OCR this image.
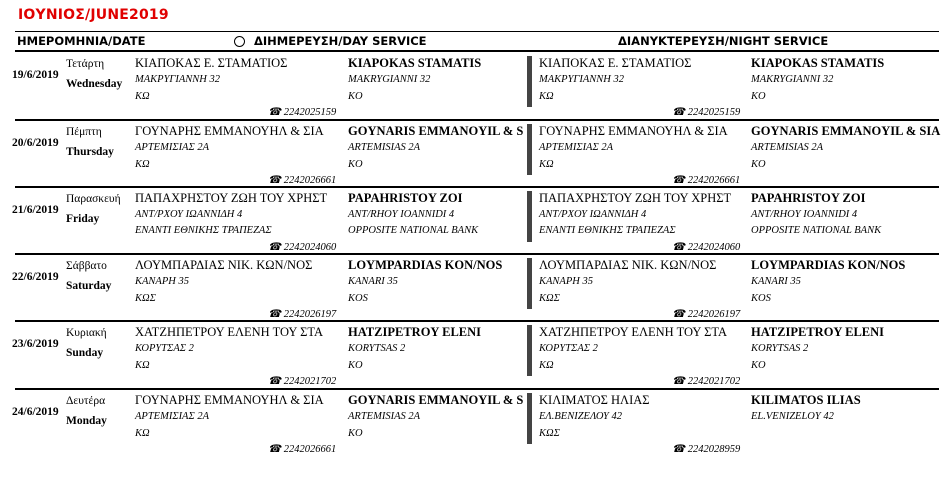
ΙΟΥΝΙΟΣ/JUNE2019
ΗΜΕΡΟΜΗΝΙΑ/DATE	ΔΙΗΜΕΡΕΥΣΗ/DAY SERVICE	ΔΙΑΝΥΚΤΕΡΕΥΣΗ/NIGHT SERVICE
19/6/2019
Τετάρτη
Wednesday
ΚΙΑΠΟΚΑΣ Ε. ΣΤΑΜΑΤΙΟΣ
ΜΑΚΡΥΓΙΑΝΝΗ 32
ΚΩ
KIAPOKAS STAMATIS
MAKRYGIANNI 32
KO
☎ 2242025159
ΚΙΑΠΟΚΑΣ Ε. ΣΤΑΜΑΤΙΟΣ
ΜΑΚΡΥΓΙΑΝΝΗ 32
ΚΩ
KIAPOKAS STAMATIS
MAKRYGIANNI 32
KO
☎ 2242025159
20/6/2019
Πέμπτη
Thursday
ΓΟΥΝΑΡΗΣ ΕΜΜΑΝΟΥΗΛ & ΣΙΑ
ΑΡΤΕΜΙΣΙΑΣ 2Α
ΚΩ
GOYNARIS EMMANOYIL & S
ARTEMISIAS 2A
KO
☎ 2242026661
ΓΟΥΝΑΡΗΣ ΕΜΜΑΝΟΥΗΛ & ΣΙΑ
ΑΡΤΕΜΙΣΙΑΣ 2Α
ΚΩ
GOYNARIS EMMANOYIL & SIA
ARTEMISIAS 2A
KO
☎ 2242026661
21/6/2019
Παρασκευή
Friday
ΠΑΠΑΧΡΗΣΤΟΥ ΖΩΗ ΤΟΥ ΧΡΗΣΤ
ΑΝΤ/ΡΧΟΥ ΙΩΑΝΝΙΔΗ 4
ΕΝΑΝΤΙ ΕΘΝΙΚΗΣ ΤΡΑΠΕΖΑΣ
PAPAHRISTOY ZOI
ANT/RHOY IOANNIDI 4
OPPOSITE NATIONAL BANK
☎ 2242024060
ΠΑΠΑΧΡΗΣΤΟΥ ΖΩΗ ΤΟΥ ΧΡΗΣΤ
ΑΝΤ/ΡΧΟΥ ΙΩΑΝΝΙΔΗ 4
ΕΝΑΝΤΙ ΕΘΝΙΚΗΣ ΤΡΑΠΕΖΑΣ
PAPAHRISTOY ZOI
ANT/RHOY IOANNIDI 4
OPPOSITE NATIONAL BANK
☎ 2242024060
22/6/2019
Σάββατο
Saturday
ΛΟΥΜΠΑΡΔΙΑΣ ΝΙΚ. ΚΩΝ/ΝΟΣ
ΚΑΝΑΡΗ 35
ΚΩΣ
LOYMPARDIAS KON/NOS
KANARI 35
KOS
☎ 2242026197
ΛΟΥΜΠΑΡΔΙΑΣ ΝΙΚ. ΚΩΝ/ΝΟΣ
ΚΑΝΑΡΗ 35
ΚΩΣ
LOYMPARDIAS KON/NOS
KANARI 35
KOS
☎ 2242026197
23/6/2019
Κυριακή
Sunday
ΧΑΤΖΗΠΕΤΡΟΥ ΕΛΕΝΗ ΤΟΥ ΣΤΑ
ΚΟΡΥΤΣΑΣ 2
ΚΩ
HATZIPETROY ELENI
KORYTSAS 2
KO
☎ 2242021702
ΧΑΤΖΗΠΕΤΡΟΥ ΕΛΕΝΗ ΤΟΥ ΣΤΑ
ΚΟΡΥΤΣΑΣ 2
ΚΩ
HATZIPETROY ELENI
KORYTSAS 2
KO
☎ 2242021702
24/6/2019
Δευτέρα
Monday
ΓΟΥΝΑΡΗΣ ΕΜΜΑΝΟΥΗΛ & ΣΙΑ
ΑΡΤΕΜΙΣΙΑΣ 2Α
ΚΩ
GOYNARIS EMMANOYIL & S
ARTEMISIAS 2A
KO
☎ 2242026661
ΚΙΛΙΜΑΤΟΣ ΗΛΙΑΣ
ΕΛ.ΒΕΝΙΖΕΛΟΥ 42
ΚΩΣ
KILIMATOS ILIAS
EL.VENIZELOY 42
☎ 2242028959
